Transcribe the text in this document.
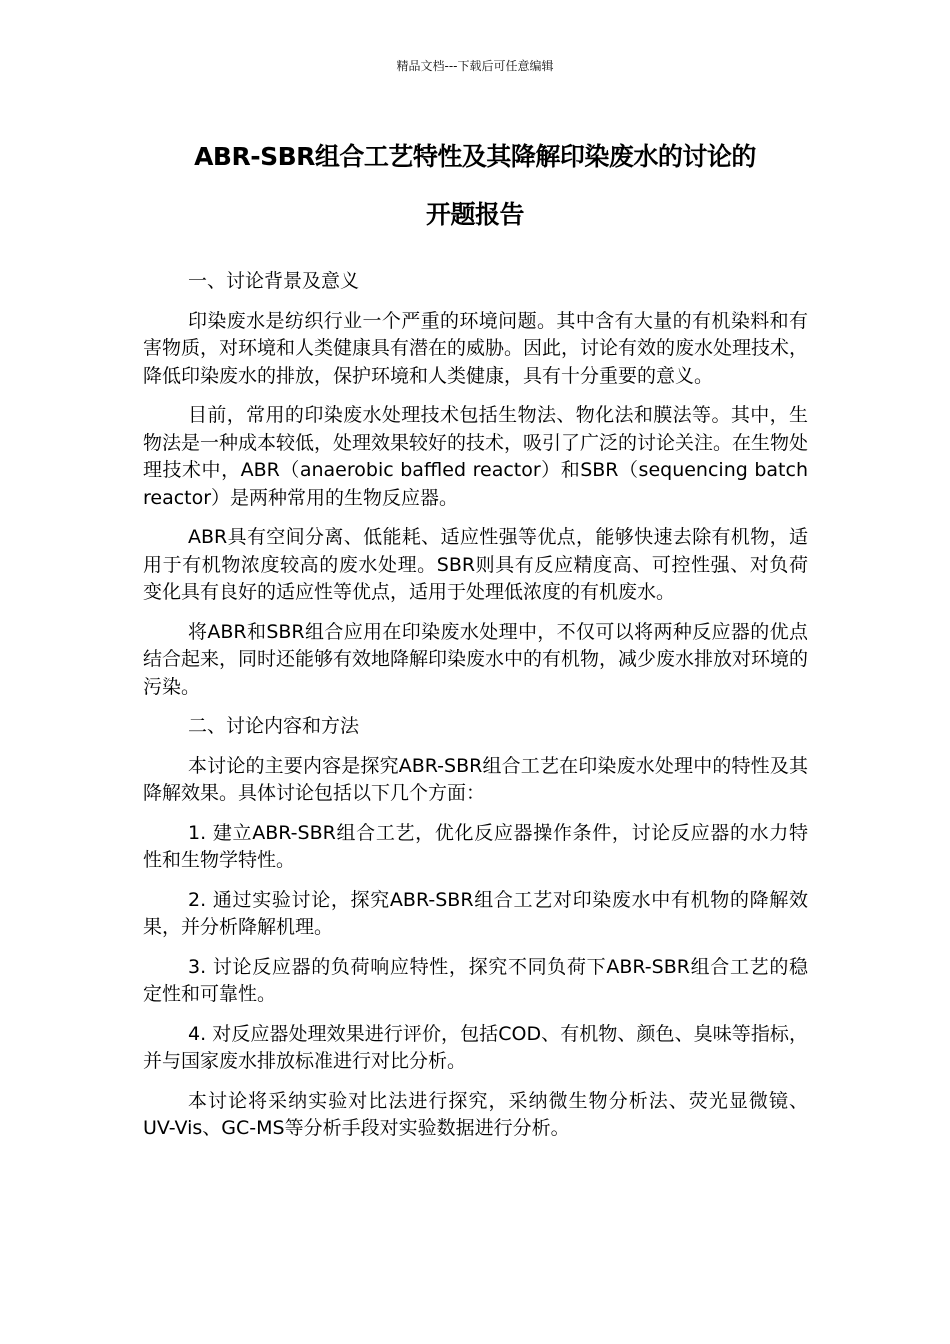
精品文档---下载后可任意编辑
ABR-SBR组合工艺特性及其降解印染废水的讨论的
开题报告

一、讨论背景及意义

印染废水是纺织行业一个严重的环境问题。其中含有大量的有机染料和有害物质，对环境和人类健康具有潜在的威胁。因此，讨论有效的废水处理技术，降低印染废水的排放，保护环境和人类健康，具有十分重要的意义。

目前，常用的印染废水处理技术包括生物法、物化法和膜法等。其中，生物法是一种成本较低，处理效果较好的技术，吸引了广泛的讨论关注。在生物处理技术中，ABR（anaerobic baffled reactor）和SBR（sequencing batch reactor）是两种常用的生物反应器。

ABR具有空间分离、低能耗、适应性强等优点，能够快速去除有机物，适用于有机物浓度较高的废水处理。SBR则具有反应精度高、可控性强、对负荷变化具有良好的适应性等优点，适用于处理低浓度的有机废水。

将ABR和SBR组合应用在印染废水处理中，不仅可以将两种反应器的优点结合起来，同时还能够有效地降解印染废水中的有机物，减少废水排放对环境的污染。

二、讨论内容和方法

本讨论的主要内容是探究ABR-SBR组合工艺在印染废水处理中的特性及其降解效果。具体讨论包括以下几个方面：

1. 建立ABR-SBR组合工艺，优化反应器操作条件，讨论反应器的水力特性和生物学特性。

2. 通过实验讨论，探究ABR-SBR组合工艺对印染废水中有机物的降解效果，并分析降解机理。

3. 讨论反应器的负荷响应特性，探究不同负荷下ABR-SBR组合工艺的稳定性和可靠性。

4. 对反应器处理效果进行评价，包括COD、有机物、颜色、臭味等指标，并与国家废水排放标准进行对比分析。

本讨论将采纳实验对比法进行探究，采纳微生物分析法、荧光显微镜、UV-Vis、GC-MS等分析手段对实验数据进行分析。
